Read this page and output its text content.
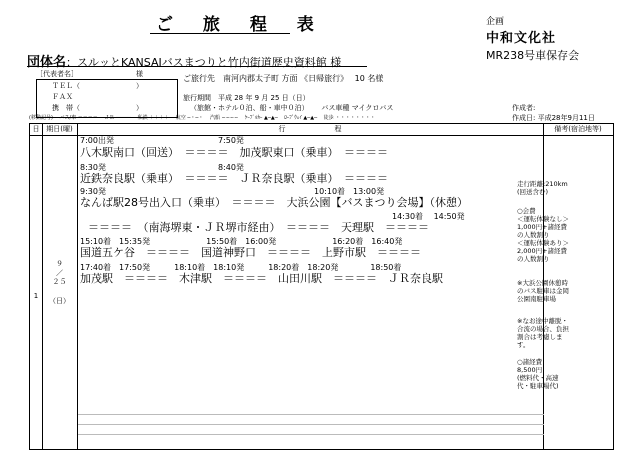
ご 旅 程 表	企画
中和文化社
MR238号車保存会
団体名：スルッとKANSAIバスまつりと竹内街道歴史資料館 様
［代表者名］	様
ＴＥＬ（　　　　　　　　）
ＦＡＸ
携　帯（　　　　　　　　）
ご旅行先　南河内郡太子町 方面 《日帰旅行》　 10 名様
旅行期間　平成 28 年 9 月 25 日（日）
（旅館・ホテル０泊、船・車中０泊）　　 バス車種 マイクロバス	作成者:
作成日: 平成28年9月11日
(移動記号)　 バス/車 ＝＝＝＝　 ＪＲ ━━━━━　 私鉄 ＋＋＋＋　 航空 ─・─・　 汽船 ∼∼∼∼　 ｹｰﾌﾞﾙｶｰ ▲─▲─　 ﾛｰﾌﾟｳｪｲ ▲─▲─　 徒歩 ・・・・・・・・
日 期日(曜)	行　　　　　　　程	備考(宿泊地等)
1
９
／
２５
（日）
7:00出発　　　　　　　　　　　　　7:50発
八木駅南口（回送）　＝＝＝＝　加茂駅東口（乗車）　＝＝＝＝
8:30発　　　　　　　　　　　　　　8:40発
近鉄奈良駅（乗車）　＝＝＝＝　ＪＲ奈良駅（乗車）　＝＝＝＝
9:30発	10:10着　13:00発
なんば駅28号出入口（乗車）　＝＝＝＝　大浜公園【バスまつり会場】（休憩）
14:30着　 14:50発
＝＝＝＝　（南海堺東・ＪＲ堺市経由）　＝＝＝＝　天理駅　＝＝＝＝
15:10着　15:35発　　　　　　　15:50着　16:00発　　　　　　　16:20着　16:40発
国道五ケ谷　＝＝＝＝　国道神野口　＝＝＝＝　上野市駅　＝＝＝＝
17:40着　17:50発　　　18:10着　18:10発　　　18:20着　18:20発　　　　18:50着
加茂駅　＝＝＝＝　木津駅　＝＝＝＝　山田川駅　＝＝＝＝　ＪＲ奈良駅
走行距離:210km
(回送含む)
○会費
＜運転体験なし＞
1,000円+諸経費
の人数割り
＜運転体験あり＞
2,000円+諸経費
の人数割り
※大浜公園休憩時
のバス駐車は金岡
公園南駐車場
※なお途中離脱・
合流の場合、負担
割合は考慮しま
す。
○諸経費
8,500円
(燃料代・高速
代・駐車場代)
